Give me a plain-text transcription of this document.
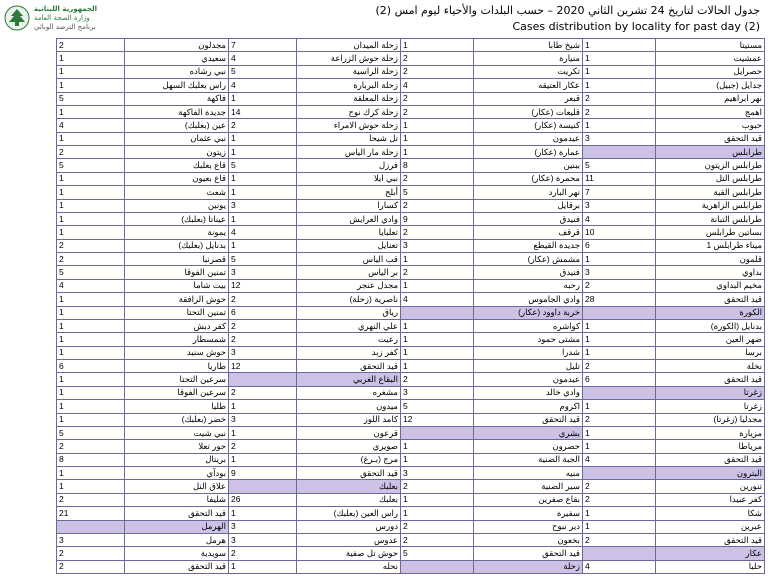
الجمهورية اللبنانية
وزارة الصحة العامة
برنامج الترصد الوبائي
جدول الحالات لتاريخ 24 تشرين الثاني 2020 – حسب البلدات والأحياء ليوم امس (2)
Cases distribution by locality for past day (2)
2	مجدلون	7	زحلة الميدان	1	شيخ طابا	1	مستيتا
1	سعيدي	4	زحلة حوش الزراعة	2	منيارة	1	عمشيت
1	نبي رشاده	5	زحلة الراسية	2	تكريت	1	حصرايل
1	راس بعلبك السهل	4	زحلة البربارة	4	عكار العتيقه	1	جدايل (جبيل)
5	فاكهة	1	زحلة المعلقة	2	قبعر	2	نهر ابراهيم
1	جديدة الفاكهة	14	زحلة كرك نوح	2	قليعات (عكار)	2	اهمج
4	عين (بعلبك)	2	زحلة حوش الامراء	1	كنيسة (عكار)	1	حبوب
1	نبي عثمان	1	تل شيحا	1	عيدمون	3	قيد التحقق
2	زيتون	1	زحلة مار الياس	1	عمارة (عكار)		طرابلس
5	قاع بعلبك	5	فرزل	8	ببنين	5	طرابلس الزيتون
1	قاع بعيون	1	نبي ايلا	2	محمرة (عكار)	11	طرابلس التل
1	شعث	1	أبلح	5	نهر البارد	7	طرابلس القبة
1	يونين	3	كسارا	2	برقايل	3	طرابلس الزاهرية
1	عيناتا (بعلبك)	1	وادي العرايش	9	فنيدق	4	طرابلس التبانة
1	يمونة	4	تعلبايا	2	قرقف	10	بساتين طرابلس
2	بدنايل (بعلبك)	1	تعنايل	3	جديدة القيطع	6	ميناء طرابلس 1
2	قصرنبا	5	قب الياس	1	مشمش (عكار)	1	قلمون
5	تمنين الفوقا	3	بر الياس	2	فنيدق	3	بداوي
4	بيت شاما	12	مجدل عنجر	1	رحبه	2	مخيم البداوي
1	حوش الرافقة	2	ناصرية (زحلة)	4	وادي الجاموس	28	قيد التحقق
1	تمنين التحتا	6	رياق		خربة داوود (عكار)		الكورة
1	كفر دبش	2	علي النهري	1	كواشره	1	بدنايل (الكورة)
1	شمسطار	2	رعيت	1	مشتى حمود	1	ضهر العين
1	حوش سنيد	3	كفر زبد	1	شدرا	1	برسا
6	طاريا	12	قيد التحقق	1	تليل	2	نخلة
1	سرعين التحتا		البقاع الغربي	2	عيدمون	6	قيد التحقق
1	سرعين الفوقا	2	مشغره	3	وادي خالد		زغرتا
1	طليا	1	ميدون	5	اكروم	1	زغرتا
1	خضر (بعلبك)	3	كامد اللوز	12	قيد التحقق	2	مجدليا (زغرتا)
5	نبي شيت	1	قرعون		بشري	1	مزيارة
2	حور تعلا	2	صويري	1	حصرون	1	مرياطا
8	بريتال	1	مرج (بـرغ)	1	الجبة الضنية	4	قيد التحقق
1	بودآي	9	قيد التحقق	3	منيه		البترون
1	علاق التل		بعلبك	2	سير الضنية	2	تنورين
2	شليفا	26	بعلبك	1	بقاع صفرين	2	كفر عبيدا
21	قيد التحقق	1	راس العين (بعلبك)	1	سفيرة	1	شكا
	الهرمل	3	دورس	2	دير نبوح	1	عبرين
3	هرمل	3	عدوس	2	بخعون	2	قيد التحقق
2	سويدية	2	حوش تل صفية	5	قيد التحقق		عكار
2	قيد التحقق	1	نحله		زحلة	4	حلبا
